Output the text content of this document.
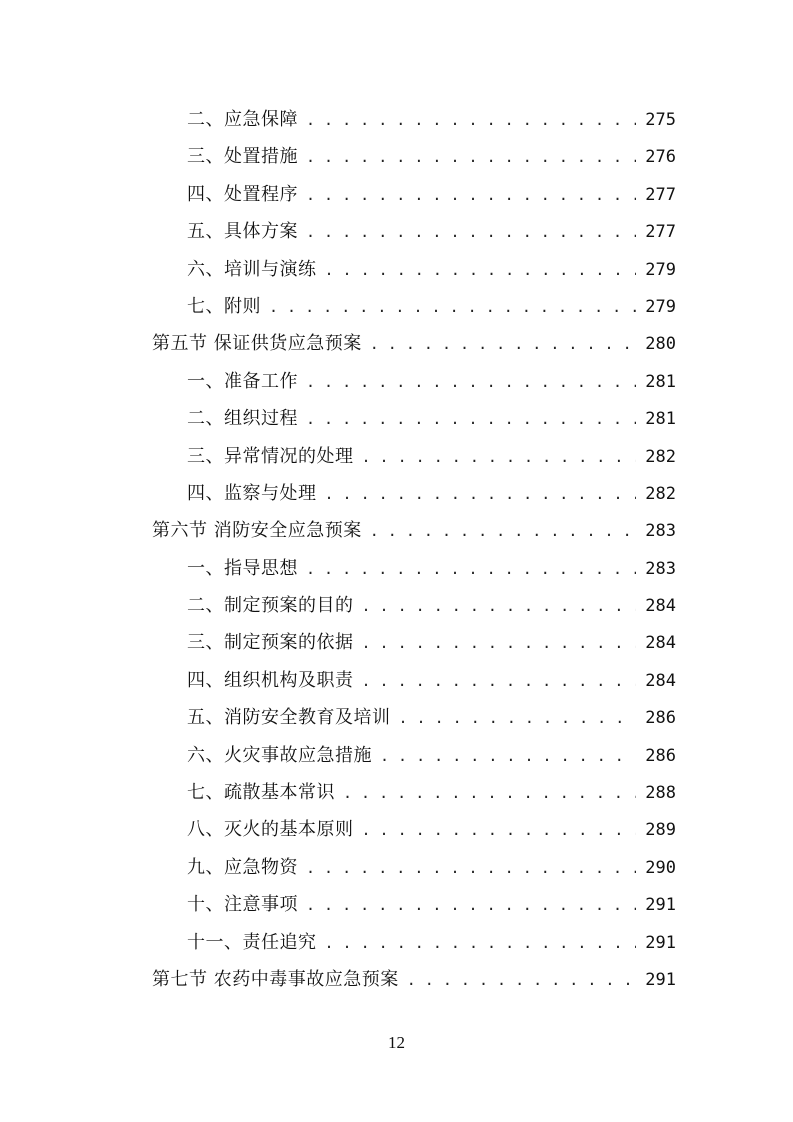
二、应急保障 . . .	275
三、处置措施 . . .	276
四、处置程序 . . .	277
五、具体方案 . . .	277
六、培训与演练 . . .	279
七、附则 . . .	279
第五节 保证供货应急预案 . . .	280
一、准备工作 . . .	281
二、组织过程 . . .	281
三、异常情况的处理 . . .	282
四、监察与处理 . . .	282
第六节 消防安全应急预案 . . .	283
一、指导思想 . . .	283
二、制定预案的目的 . . .	284
三、制定预案的依据 . . .	284
四、组织机构及职责 . . .	284
五、消防安全教育及培训 . . .	286
六、火灾事故应急措施 . . .	286
七、疏散基本常识 . . .	288
八、灭火的基本原则 . . .	289
九、应急物资 . . .	290
十、注意事项 . . .	291
十一、责任追究 . . .	291
第七节 农药中毒事故应急预案 . . .	291
12
